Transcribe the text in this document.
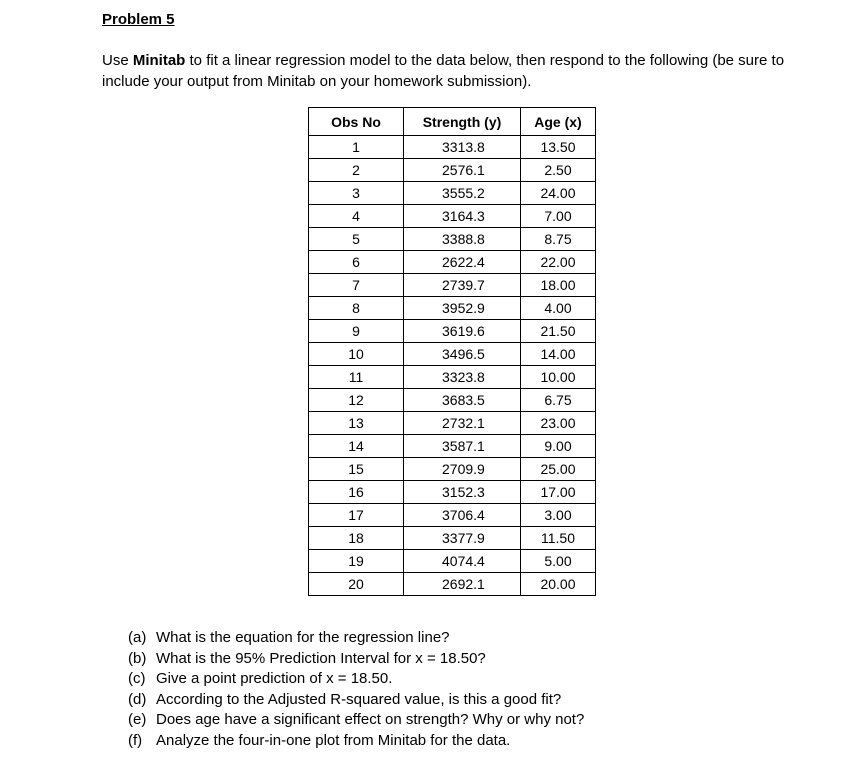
Problem 5
Use Minitab to fit a linear regression model to the data below, then respond to the following (be sure to include your output from Minitab on your homework submission).
Obs No	Strength (y)	Age (x)
1	3313.8	13.50
2	2576.1	2.50
3	3555.2	24.00
4	3164.3	7.00
5	3388.8	8.75
6	2622.4	22.00
7	2739.7	18.00
8	3952.9	4.00
9	3619.6	21.50
10	3496.5	14.00
11	3323.8	10.00
12	3683.5	6.75
13	2732.1	23.00
14	3587.1	9.00
15	2709.9	25.00
16	3152.3	17.00
17	3706.4	3.00
18	3377.9	11.50
19	4074.4	5.00
20	2692.1	20.00
(a) What is the equation for the regression line?
(b) What is the 95% Prediction Interval for x = 18.50?
(c) Give a point prediction of x = 18.50.
(d) According to the Adjusted R-squared value, is this a good fit?
(e) Does age have a significant effect on strength? Why or why not?
(f) Analyze the four-in-one plot from Minitab for the data.
